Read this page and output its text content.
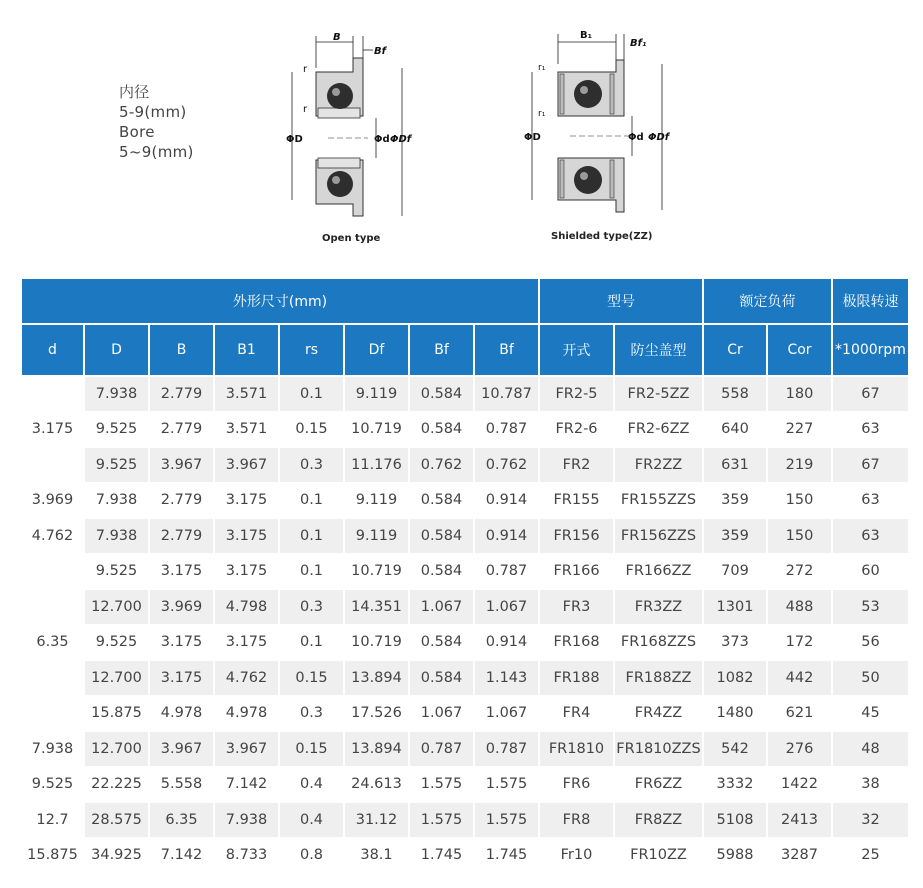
内径
5-9(mm)
Bore
5~9(mm)
B
Bf
r
r
ΦD	Φd ΦDf
Open type
B₁
Bf₁
r₁
r₁
ΦD	Φd ΦDf
Shielded type(ZZ)
外形尺寸(mm)								型号		额定负荷		极限转速
d	D	B	B1	rs	Df	Bf	Bf	开式	防尘盖型	Cr	Cor	*1000rpm
3.175	7.938	2.779	3.571	0.1	9.119	0.584	10.787	FR2-5	FR2-5ZZ	558	180	67
	9.525	2.779	3.571	0.15	10.719	0.584	0.787	FR2-6	FR2-6ZZ	640	227	63
	9.525	3.967	3.967	0.3	11.176	0.762	0.762	FR2	FR2ZZ	631	219	67
3.969	7.938	2.779	3.175	0.1	9.119	0.584	0.914	FR155	FR155ZZS	359	150	63
4.762	7.938	2.779	3.175	0.1	9.119	0.584	0.914	FR156	FR156ZZS	359	150	63
6.35	9.525	3.175	3.175	0.1	10.719	0.584	0.787	FR166	FR166ZZ	709	272	60
	12.700	3.969	4.798	0.3	14.351	1.067	1.067	FR3	FR3ZZ	1301	488	53
	9.525	3.175	3.175	0.1	10.719	0.584	0.914	FR168	FR168ZZS	373	172	56
	12.700	3.175	4.762	0.15	13.894	0.584	1.143	FR188	FR188ZZ	1082	442	50
	15.875	4.978	4.978	0.3	17.526	1.067	1.067	FR4	FR4ZZ	1480	621	45
7.938	12.700	3.967	3.967	0.15	13.894	0.787	0.787	FR1810	FR1810ZZS	542	276	48
9.525	22.225	5.558	7.142	0.4	24.613	1.575	1.575	FR6	FR6ZZ	3332	1422	38
12.7	28.575	6.35	7.938	0.4	31.12	1.575	1.575	FR8	FR8ZZ	5108	2413	32
15.875	34.925	7.142	8.733	0.8	38.1	1.745	1.745	Fr10	FR10ZZ	5988	3287	25
